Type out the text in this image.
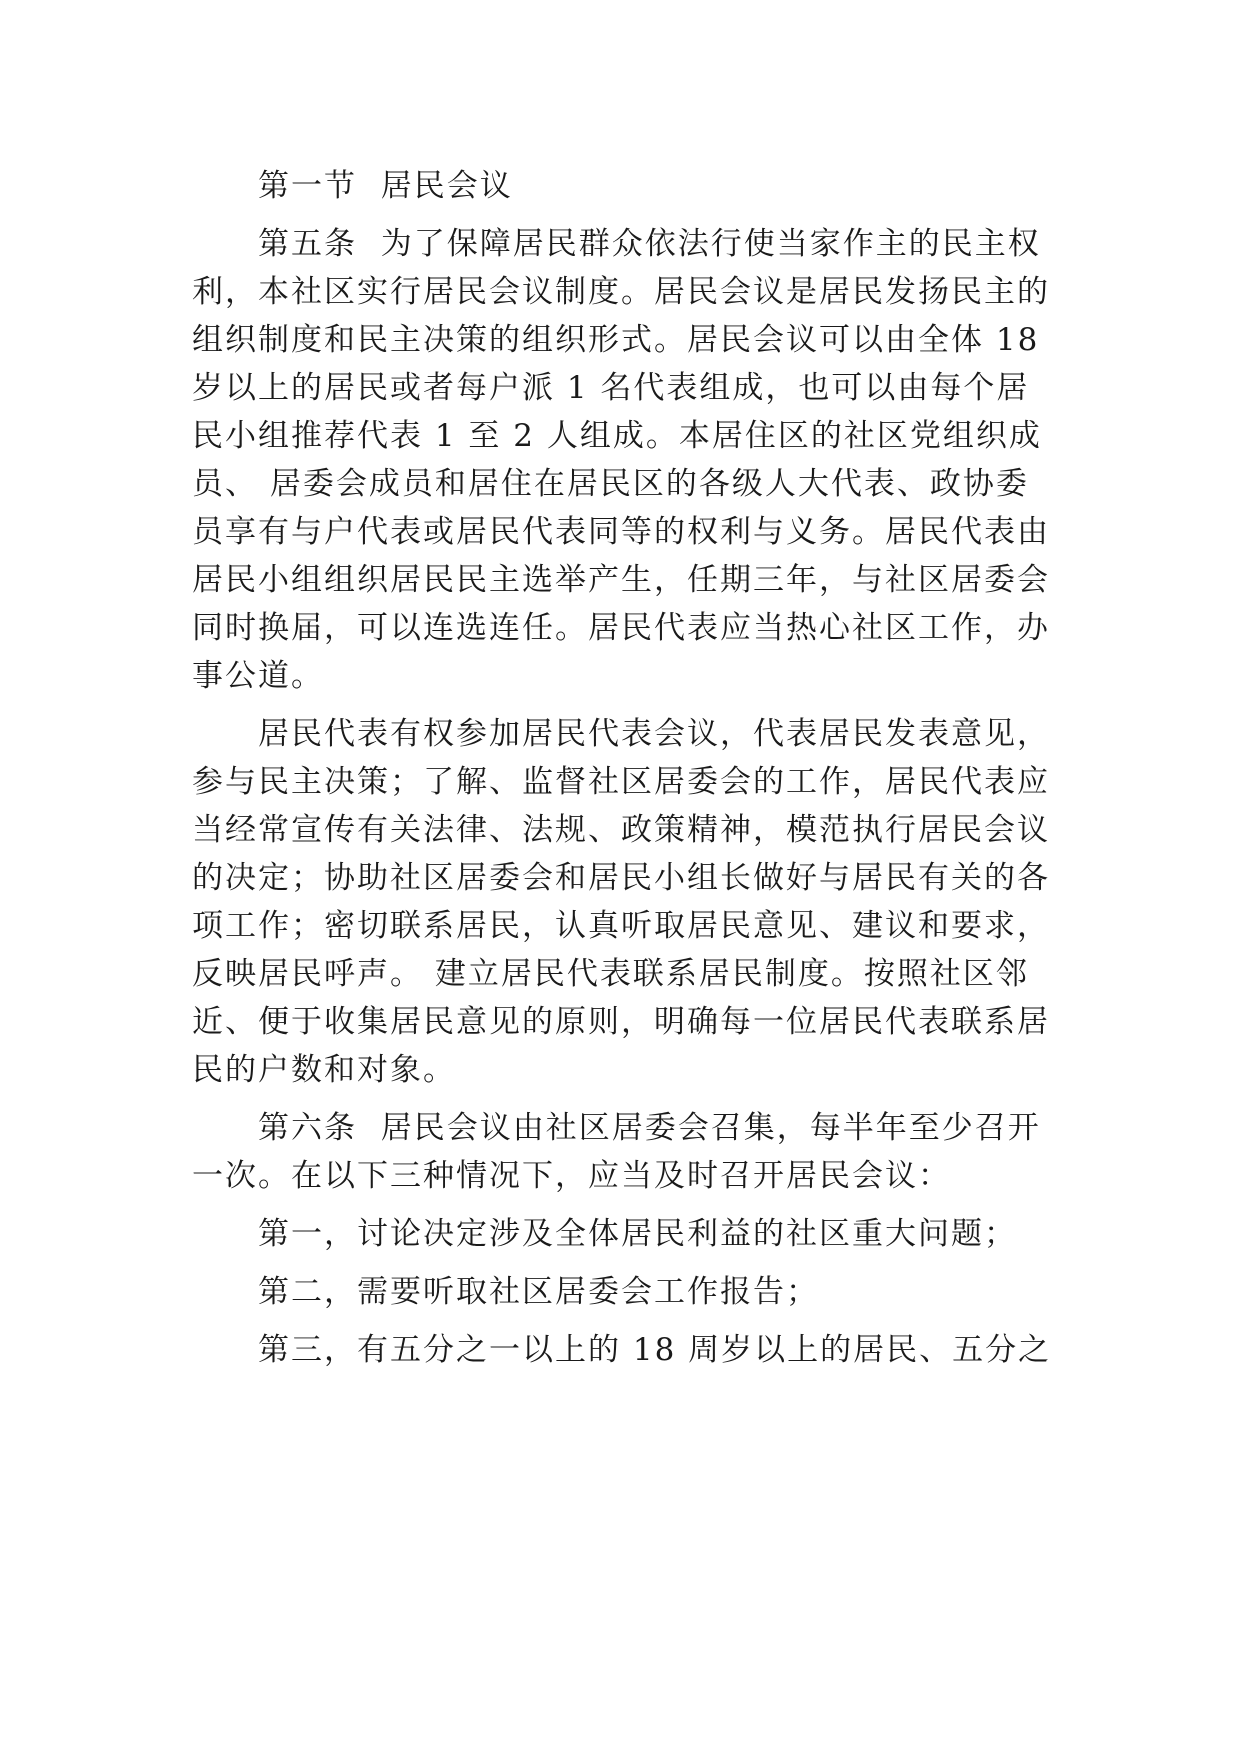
第一节  居民会议
第五条  为了保障居民群众依法行使当家作主的民主权
利，本社区实行居民会议制度。居民会议是居民发扬民主的
组织制度和民主决策的组织形式。居民会议可以由全体 18
岁以上的居民或者每户派 1 名代表组成，也可以由每个居
民小组推荐代表 1 至 2 人组成。本居住区的社区党组织成
员、 居委会成员和居住在居民区的各级人大代表、政协委
员享有与户代表或居民代表同等的权利与义务。居民代表由
居民小组组织居民民主选举产生，任期三年，与社区居委会
同时换届，可以连选连任。居民代表应当热心社区工作，办
事公道。
居民代表有权参加居民代表会议，代表居民发表意见，
参与民主决策；了解、监督社区居委会的工作，居民代表应
当经常宣传有关法律、法规、政策精神，模范执行居民会议
的决定；协助社区居委会和居民小组长做好与居民有关的各
项工作；密切联系居民，认真听取居民意见、建议和要求，
反映居民呼声。 建立居民代表联系居民制度。按照社区邻
近、便于收集居民意见的原则，明确每一位居民代表联系居
民的户数和对象。
第六条  居民会议由社区居委会召集，每半年至少召开
一次。在以下三种情况下，应当及时召开居民会议：
第一，讨论决定涉及全体居民利益的社区重大问题；
第二，需要听取社区居委会工作报告；
第三，有五分之一以上的 18 周岁以上的居民、五分之
